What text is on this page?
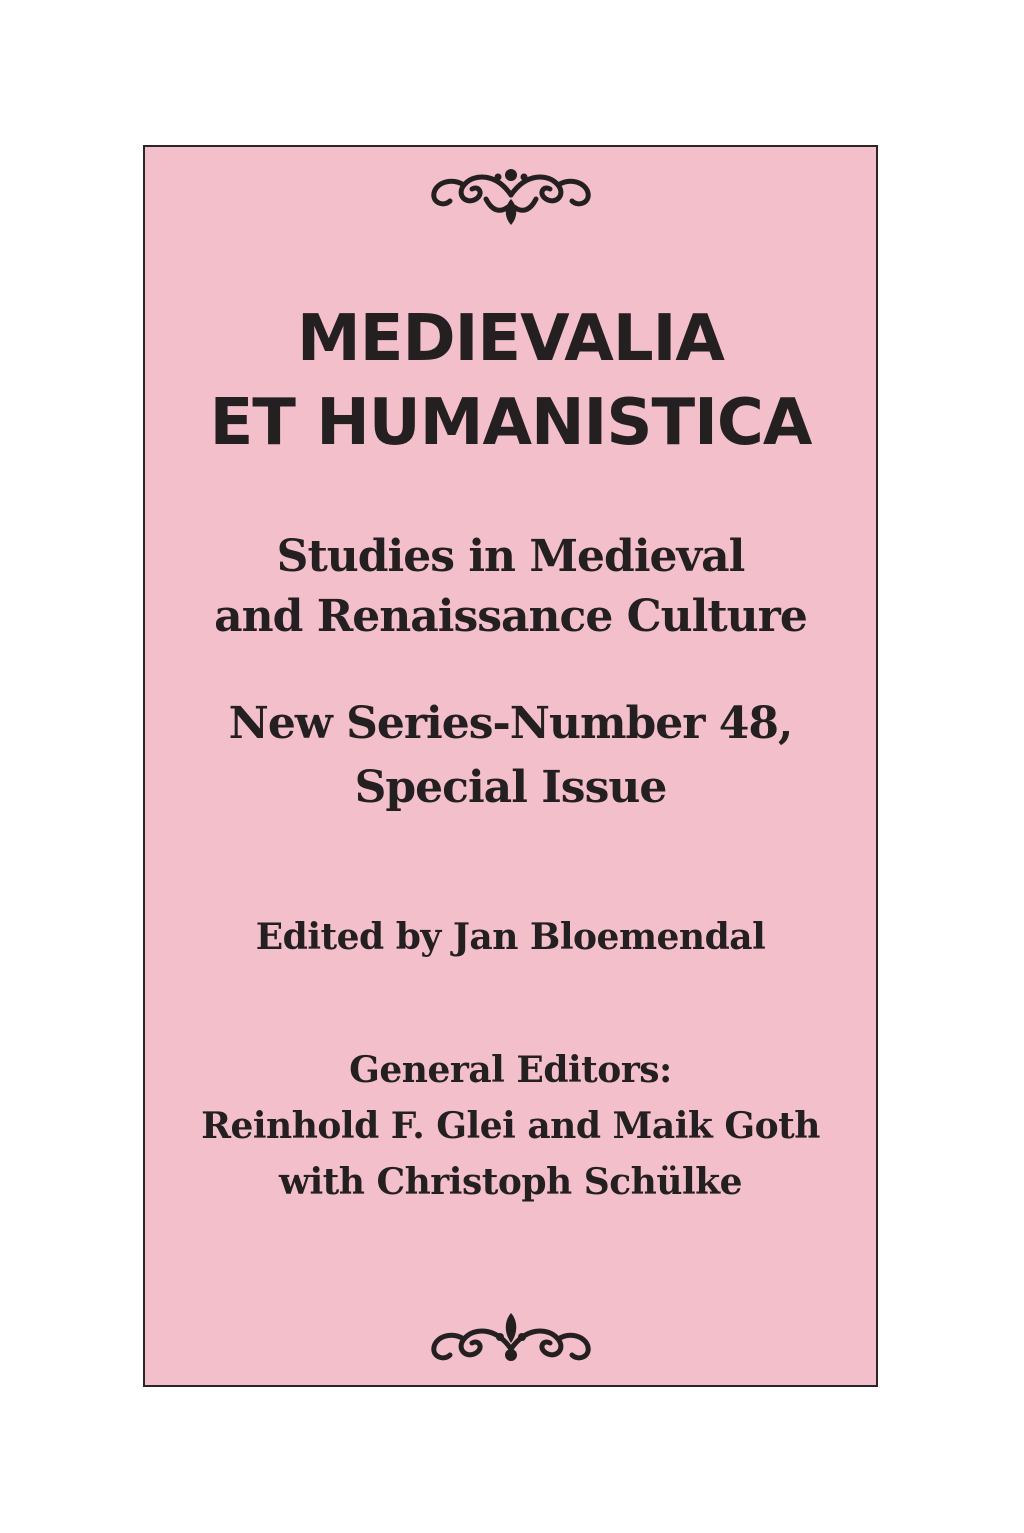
MEDIEVALIA
ET HUMANISTICA
Studies in Medieval
and Renaissance Culture
New Series-Number 48,
Special Issue
Edited by Jan Bloemendal
General Editors:
Reinhold F. Glei and Maik Goth
with Christoph Schülke
